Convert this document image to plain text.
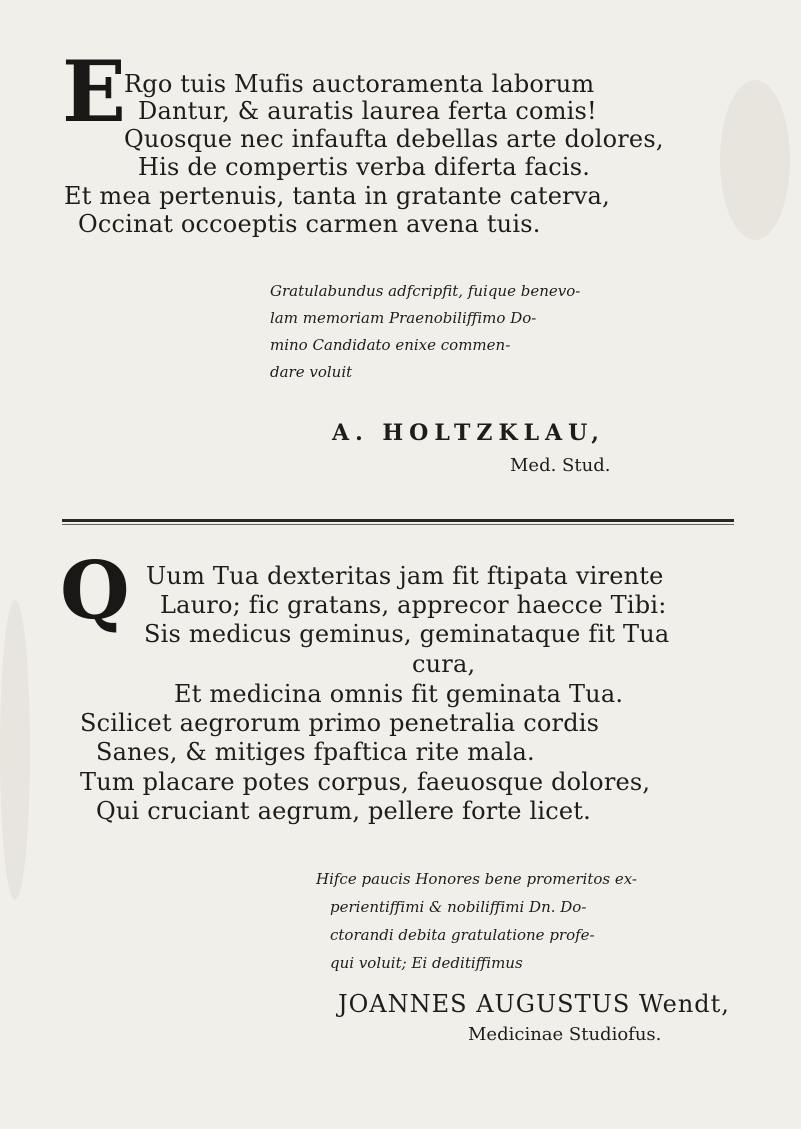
E
Rgo tuis Mufis auctoramenta laborum
Dantur, & auratis laurea ferta comis!
Quosque nec infaufta debellas arte dolores,
His de compertis verba diferta facis.
Et mea pertenuis, tanta in gratante caterva,
Occinat occoeptis carmen avena tuis.
Gratulabundus adfcripfit, fuique benevo-
lam memoriam Praenobiliffimo Do-
mino Candidato enixe commen-
dare voluit
A. HOLTZKLAU,
Med. Stud.
Q Uum Tua dexteritas jam fit ftipata virente
Lauro; fic gratans, apprecor haecce Tibi:
Sis medicus geminus, geminataque fit Tua
cura,
Et medicina omnis fit geminata Tua.
Scilicet aegrorum primo penetralia cordis
Sanes, & mitiges fpaftica rite mala.
Tum placare potes corpus, faeuosque dolores,
Qui cruciant aegrum, pellere forte licet.
Hifce paucis Honores bene promeritos ex-
perientiffimi & nobiliffimi Dn. Do-
ctorandi debita gratulatione profe-
qui voluit; Ei deditiffimus
JOANNES AUGUSTUS Wendt,
Medicinae Studiofus.
